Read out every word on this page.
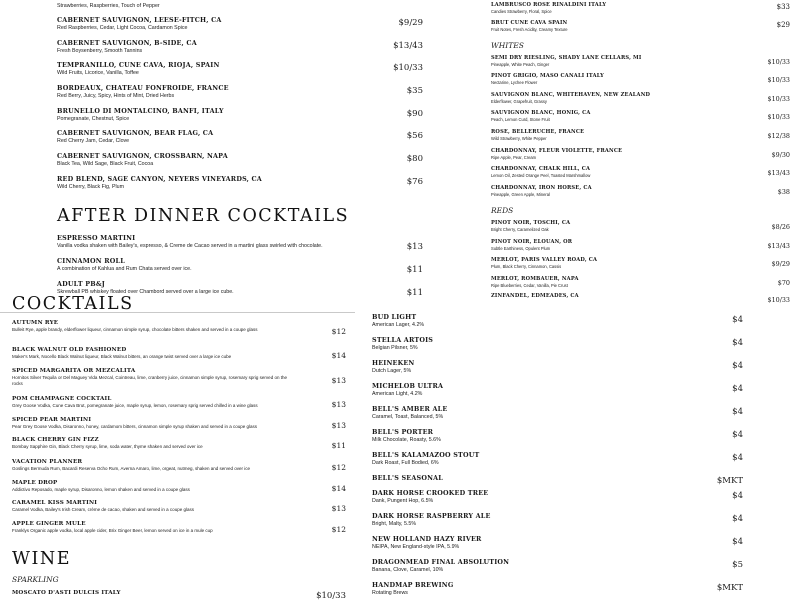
Strawberries, Raspberries, Touch of Pepper
CABERNET SAUVIGNON, LEESE-FITCH, CA
Red Raspberries, Cedar, Light Cocoa, Cardamon Spice	$9/29
CABERNET SAUVIGNON, B-SIDE, CA
Fresh Boysenberry, Smooth Tannins	$13/43
TEMPRANILLO, CUNE CAVA, RIOJA, SPAIN
Wild Fruits, Licorice, Vanilla, Toffee	$10/33
BORDEAUX, CHATEAU FONFROIDE, FRANCE
Red Berry, Juicy, Spicy, Hints of Mint, Dried Herbs	$35
BRUNELLO DI MONTALCINO, BANFI, ITALY
Pomegranate, Chestnut, Spice	$90
CABERNET SAUVIGNON, BEAR FLAG, CA
Red Cherry Jam, Cedar, Clove	$56
CABERNET SAUVIGNON, CROSSBARN, NAPA
Black Tea, Wild Sage, Black Fruit, Cocoa	$80
RED BLEND, SAGE CANYON, NEYERS VINEYARDS, CA
Wild Cherry, Black Fig, Plum	$76
AFTER DINNER COCKTAILS
ESPRESSO MARTINI
Vanilla vodka shaken with Bailey's, espresso, & Creme de Cacao served in a martini glass swirled with chocolate.	$13
CINNAMON ROLL
A combination of Kahlua and Rum Chata served over ice.	$11
ADULT PB&J
Skrewball PB whiskey floated over Chambord served over a large ice cube.	$11
COCKTAILS
AUTUMN RYE
Bulleit Rye, apple brandy, elderflower liqueur, cinnamon simple syrup, chocolate bitters shaken and served in a coupe glass	$12
BLACK WALNUT OLD FASHIONED
Maker's Mark, Nocello Black Walnut liqueur, Black Walnut bitters, an orange twist served over a large ice cube	$14
SPICED MARGARITA OR MEZCALITA
Hornitos Silver Tequila or Del Maguey Vida Mezcal, Cointreau, lime, cranberry juice, cinnamon simple syrup, rosemary sprig served on the rocks	$13
POM CHAMPAGNE COCKTAIL
Grey Goose Vodka, Cune Cava Brut, pomegranate juice, maple syrup, lemon, rosemary sprig served chilled in a wine glass	$13
SPICED PEAR MARTINI
Pear Grey Goose Vodka, Disaronno, honey, cardamom bitters, cinnamon simple syrup shaken and served in a coupe glass	$13
BLACK CHERRY GIN FIZZ
Bombay Sapphire Gin, Black Cherry syrup, lime, soda water, thyme shaken and served over ice	$11
VACATION PLANNER
Goslings Bermuda Rum, Bacardi Reserva Ocho Rum, Averna Amaro, lime, orgeat, nutmeg, shaken and served over ice	$12
MAPLE DROP
Addictivo Reposado, maple syrup, Disaronno, lemon shaken and served in a coupe glass	$14
CARAMEL KISS MARTINI
Caramel Vodka, Bailey's Irish Cream, crème de cacao, shaken and served in a coupe glass	$13
APPLE GINGER MULE
Franklys Organic apple vodka, local apple cider, Brix Ginger Beer, lemon served on ice in a mule cup	$12
WINE
SPARKLING
MOSCATO D'ASTI DULCIS ITALY	$10/33
LAMBRUSCO ROSE RINALDINI ITALY
Candies Strawberry, Floral, Spice
$33
BRUT CUNE CAVA SPAIN
Fruit Notes, Fresh Acidity, Creamy Texture
$29
WHITES
SEMI DRY RIESLING, SHADY LANE CELLARS, MI
Pineapple, White Peach, Ginger	$10/33
PINOT GRIGIO, MASO CANALI ITALY
Nectarine, Lychee Flower	$10/33
SAUVIGNON BLANC, WHITEHAVEN, NEW ZEALAND
Elderflower, Grapefruit, Grassy	$10/33
SAUVIGNON BLANC, HONIG, CA
Peach, Lemon Curd, Stone Fruit	$10/33
ROSE, BELLERUCHE, FRANCE
Wild Strawberry, White Pepper	$12/38
CHARDONNAY, FLEUR VIOLETTE, FRANCE
Ripe Apple, Pear, Cream	$9/30
CHARDONNAY, CHALK HILL, CA
Lemon Oil, Zested Orange Peel, Toasted Marshmallow	$13/43
CHARDONNAY, IRON HORSE, CA
Pineapple, Green Apple, Mineral	$38
REDS
PINOT NOIR, TOSCHI, CA
Bright Cherry, Caramelized Oak	$8/26
PINOT NOIR, ELOUAN, OR
Subtle Earthiness, Opulent Plum	$13/43
MERLOT, PARIS VALLEY ROAD, CA
Plum, Black Cherry, Cinnamon, Cassis	$9/29
MERLOT, ROMBAUER, NAPA
Ripe Blueberries, Cedar, Vanilla, Pie Crust	$70
ZINFANDEL, EDMEADES, CA	$10/33
BUD LIGHT
American Lager, 4.2%	$4
STELLA ARTOIS
Belgian Pilsner, 5%	$4
HEINEKEN
Dutch Lager, 5%	$4
MICHELOB ULTRA
American Light, 4.2%	$4
BELL'S AMBER ALE
Caramel, Toast, Balanced, 5%	$4
BELL'S PORTER
Milk Chocolate, Roasty, 5.6%	$4
BELL'S KALAMAZOO STOUT
Dark Roast, Full Bodied, 6%	$4
BELL'S SEASONAL	$MKT
DARK HORSE CROOKED TREE
Dank, Pungent Hop, 6.5%	$4
DARK HORSE RASPBERRY ALE
Bright, Malty, 5.5%	$4
NEW HOLLAND HAZY RIVER
NEIPA, New England-style IPA, 5.9%	$4
DRAGONMEAD FINAL ABSOLUTION
Banana, Clove, Caramel, 10%	$5
HANDMAP BREWING
Rotating Brews	$MKT
